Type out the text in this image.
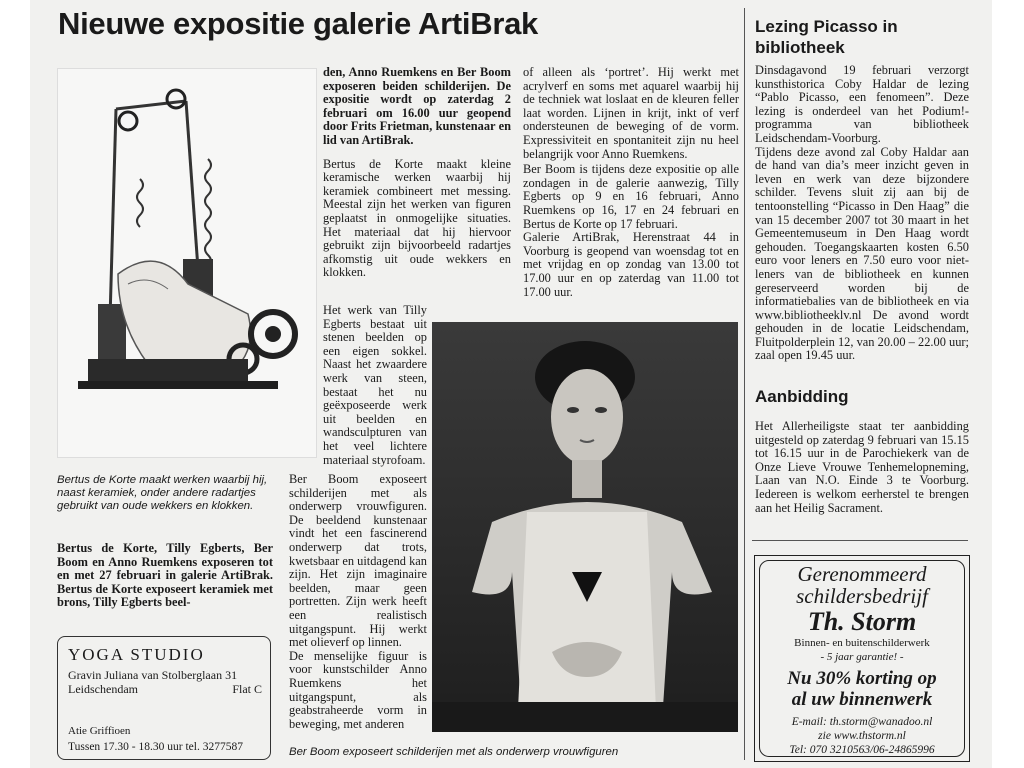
Nieuwe expositie galerie ArtiBrak

Bertus de Korte maakt werken waarbij hij, naast keramiek, onder andere radartjes gebruikt van oude wekkers en klokken.

Bertus de Korte, Tilly Egberts, Ber Boom en Anno Ruemkens exposeren tot en met 27 februari in galerie ArtiBrak. Bertus de Korte exposeert keramiek met brons, Tilly Egberts beel-

YOGA STUDIO
Gravin Juliana van Stolberglaan 31
Leidschendam	Flat C
Atie Griffioen
Tussen 17.30 - 18.30 uur tel. 3277587

den, Anno Ruemkens en Ber Boom exposeren beiden schilderijen. De expositie wordt op zaterdag 2 februari om 16.00 uur geopend door Frits Frietman, kunstenaar en lid van ArtiBrak.

Bertus de Korte maakt kleine keramische werken waarbij hij keramiek combineert met messing. Meestal zijn het werken van figuren geplaatst in onmogelijke situaties. Het materiaal dat hij hiervoor gebruikt zijn bijvoorbeeld radartjes afkomstig uit oude wekkers en klokken.

Het werk van Tilly Egberts bestaat uit stenen beelden op een eigen sokkel. Naast het zwaardere werk van steen, bestaat het nu geëxposeerde werk uit beelden en wandsculpturen van het veel lichtere materiaal styrofoam.

Ber Boom exposeert schilderijen met als onderwerp vrouwfiguren. De beeldend kunstenaar vindt het een fascinerend onderwerp dat trots, kwetsbaar en uitdagend kan zijn. Het zijn imaginaire beelden, maar geen portretten. Zijn werk heeft een realistisch uitgangspunt. Hij werkt met olieverf op linnen.

De menselijke figuur is voor kunstschilder Anno Ruemkens het uitgangspunt, als geabstraheerde vorm in beweging, met anderen

of alleen als ‘portret’. Hij werkt met acrylverf en soms met aquarel waarbij hij de techniek wat loslaat en de kleuren feller laat worden. Lijnen in krijt, inkt of verf ondersteunen de beweging of de vorm. Expressiviteit en spontaniteit zijn nu heel belangrijk voor Anno Ruemkens.

Ber Boom is tijdens deze expositie op alle zondagen in de galerie aanwezig, Tilly Egberts op 9 en 16 februari, Anno Ruemkens op 16, 17 en 24 februari en Bertus de Korte op 17 februari.

Galerie ArtiBrak, Herenstraat 44 in Voorburg is geopend van woensdag tot en met vrijdag en op zondag van 13.00 tot 17.00 uur en op zaterdag van 11.00 tot 17.00 uur.

Ber Boom exposeert schilderijen met als onderwerp vrouwfiguren

Lezing Picasso in bibliotheek

Dinsdagavond 19 februari verzorgt kunsthistorica Coby Haldar de lezing “Pablo Picasso, een fenomeen”. Deze lezing is onderdeel van het Podium!-programma van bibliotheek Leidschendam-Voorburg.

Tijdens deze avond zal Coby Haldar aan de hand van dia’s meer inzicht geven in leven en werk van deze bijzondere schilder. Tevens sluit zij aan bij de tentoonstelling “Picasso in Den Haag” die van 15 december 2007 tot 30 maart in het Gemeentemuseum in Den Haag wordt gehouden. Toegangskaarten kosten 6.50 euro voor leners en 7.50 euro voor niet-leners van de bibliotheek en kunnen gereserveerd worden bij de informatiebalies van de bibliotheek en via www.bibliotheeklv.nl De avond wordt gehouden in de locatie Leidschendam, Fluitpolderplein 12, van 20.00 – 22.00 uur; zaal open 19.45 uur.

Aanbidding

Het Allerheiligste staat ter aanbidding uitgesteld op zaterdag 9 februari van 15.15 tot 16.15 uur in de Parochiekerk van de Onze Lieve Vrouwe Tenhemelopneming, Laan van N.O. Einde 3 te Voorburg. Iedereen is welkom eerherstel te brengen aan het Heilig Sacrament.

Gerenommeerd
schildersbedrijf
Th. Storm
Binnen- en buitenschilderwerk
- 5 jaar garantie! -
Nu 30% korting op
al uw binnenwerk
E-mail: th.storm@wanadoo.nl
zie www.thstorm.nl
Tel: 070 3210563/06-24865996
